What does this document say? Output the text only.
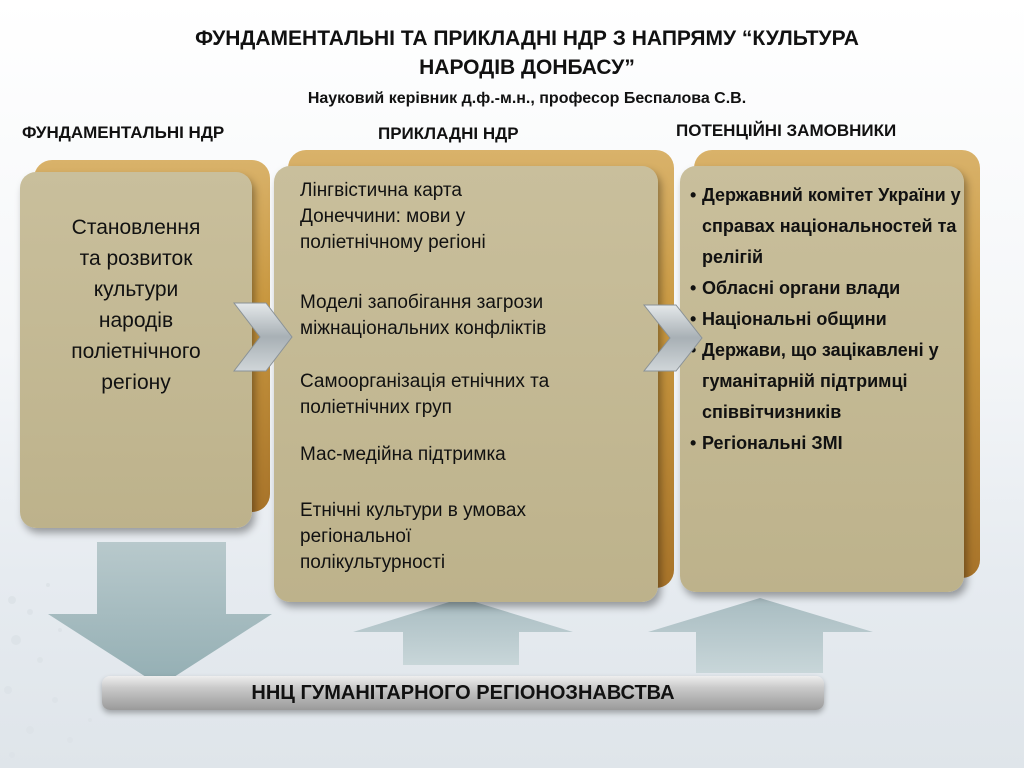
ФУНДАМЕНТАЛЬНІ ТА ПРИКЛАДНІ НДР З НАПРЯМУ “КУЛЬТУРА
НАРОДІВ ДОНБАСУ”

Науковий керівник д.ф.-м.н., професор Беспалова С.В.

ФУНДАМЕНТАЛЬНІ НДР	ПРИКЛАДНІ НДР	ПОТЕНЦІЙНІ ЗАМОВНИКИ
Становлення
та розвиток
культури
народів
поліетнічного
регіону
Лінгвістична карта
Донеччини: мови у
поліетнічному регіоні
Моделі запобігання загрози
міжнаціональних конфліктів
Самоорганізація етнічних та
поліетнічних груп
Мас-медійна підтримка
Етнічні культури в умовах
регіональної
полікультурності
• Державний комітет України у справах національностей та релігій
• Обласні органи влади
• Національні общини
• Держави, що зацікавлені у гуманітарній підтримці співвітчизників
• Регіональні ЗМІ
ННЦ ГУМАНІТАРНОГО РЕГІОНОЗНАВСТВА
